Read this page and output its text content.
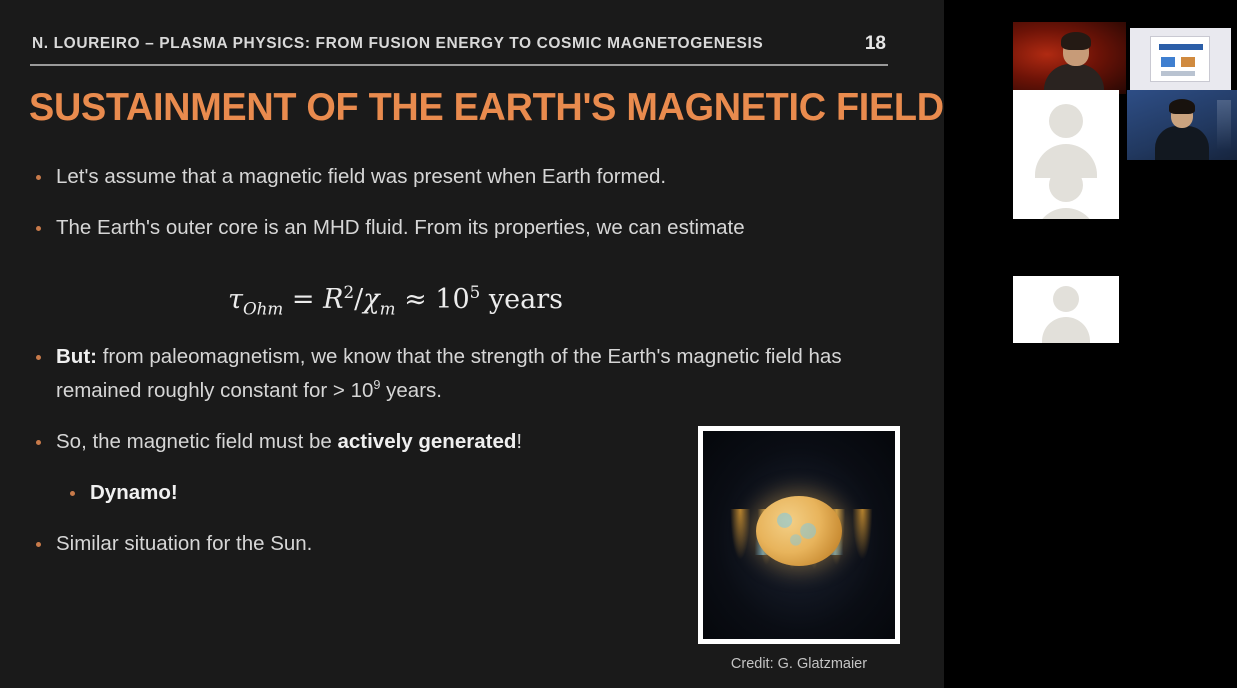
N. LOUREIRO – PLASMA PHYSICS: FROM FUSION ENERGY TO COSMIC MAGNETOGENESIS	18
SUSTAINMENT OF THE EARTH'S MAGNETIC FIELD
Let's assume that a magnetic field was present when Earth formed.
The Earth's outer core is an MHD fluid. From its properties, we can estimate
But: from paleomagnetism, we know that the strength of the Earth's magnetic field has remained roughly constant for > $10^9$ years.
So, the magnetic field must be actively generated!
Dynamo!
Similar situation for the Sun.
$\tau_{Ohm} = R^2/\chi_m \approx 10^5$ years
Credit: G. Glatzmaier
